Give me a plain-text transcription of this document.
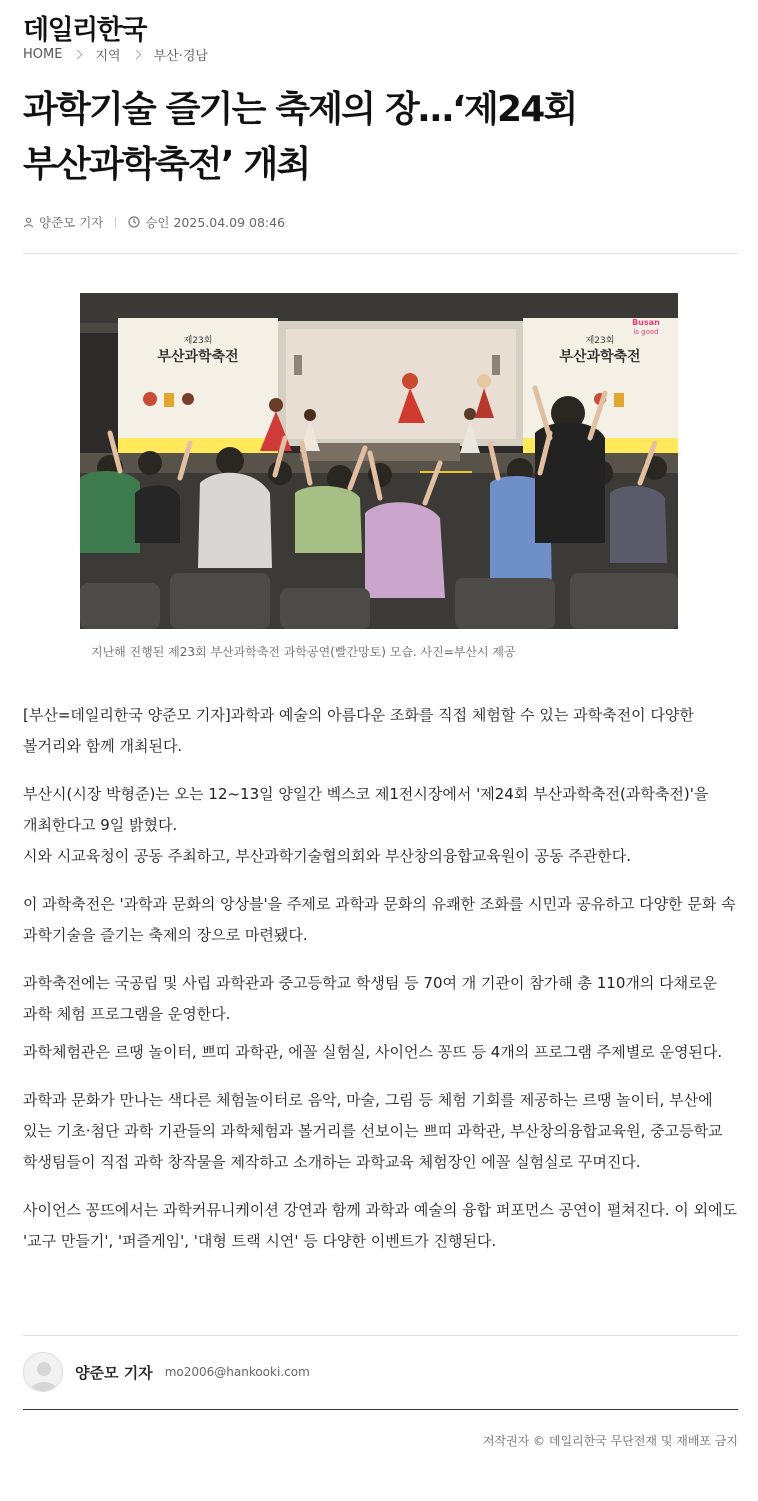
데일리한국
HOME	지역	부산·경남
과학기술 즐기는 축제의 장…‘제24회 부산과학축전’ 개최
양준모 기자	승인 2025.04.09 08:46
제23회
부산과학축전
제23회
부산과학축전
Busan
is good
지난해 진행된 제23회 부산과학축전 과학공연(빨간망토) 모습. 사진=부산시 제공

[부산=데일리한국 양준모 기자]과학과 예술의 아름다운 조화를 직접 체험할 수 있는 과학축전이 다양한 볼거리와 함께 개최된다.

부산시(시장 박형준)는 오는 12~13일 양일간 벡스코 제1전시장에서 '제24회 부산과학축전(과학축전)'을 개최한다고 9일 밝혔다.

시와 시교육청이 공동 주최하고, 부산과학기술협의회와 부산창의융합교육원이 공동 주관한다.

이 과학축전은 '과학과 문화의 앙상블'을 주제로 과학과 문화의 유쾌한 조화를 시민과 공유하고 다양한 문화 속 과학기술을 즐기는 축제의 장으로 마련됐다.

과학축전에는 국공립 및 사립 과학관과 중고등학교 학생팀 등 70여 개 기관이 참가해 총 110개의 다채로운 과학 체험 프로그램을 운영한다.

과학체험관은 르땡 놀이터, 쁘띠 과학관, 에꼴 실험실, 사이언스 꽁뜨 등 4개의 프로그램 주제별로 운영된다.

과학과 문화가 만나는 색다른 체험놀이터로 음악, 마술, 그림 등 체험 기회를 제공하는 르땡 놀이터, 부산에 있는 기초·첨단 과학 기관들의 과학체험과 볼거리를 선보이는 쁘띠 과학관, 부산창의융합교육원, 중고등학교 학생팀들이 직접 과학 창작물을 제작하고 소개하는 과학교육 체험장인 에꼴 실험실로 꾸며진다.

사이언스 꽁뜨에서는 과학커뮤니케이션 강연과 함께 과학과 예술의 융합 퍼포먼스 공연이 펼쳐진다. 이 외에도 '교구 만들기', '퍼즐게임', '대형 트랙 시연' 등 다양한 이벤트가 진행된다.

양준모 기자 mo2006@hankooki.com
저작권자 © 데일리한국 무단전재 및 재배포 금지
